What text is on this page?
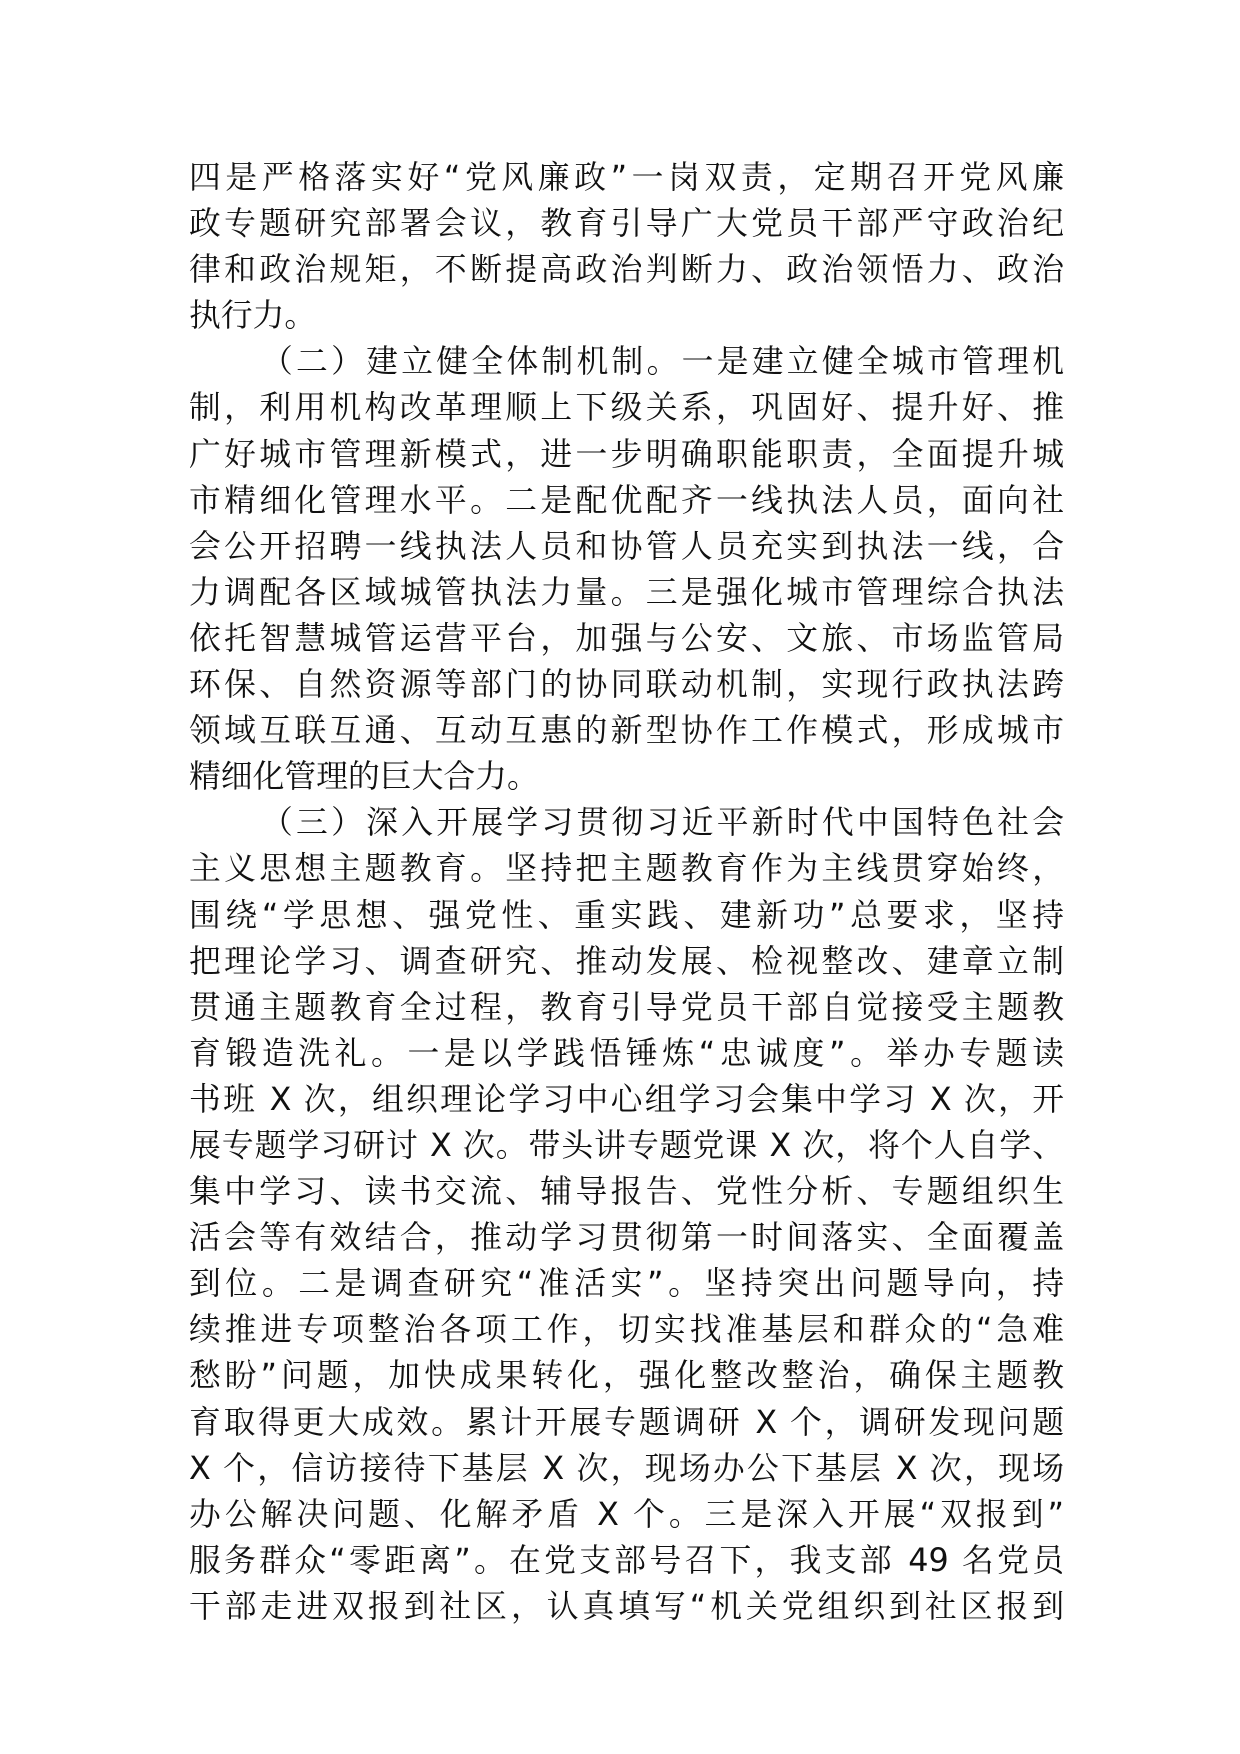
四是严格落实好“党风廉政”一岗双责，定期召开党风廉
政专题研究部署会议，教育引导广大党员干部严守政治纪
律和政治规矩，不断提高政治判断力、政治领悟力、政治
执行力。
（二）建立健全体制机制。一是建立健全城市管理机
制，利用机构改革理顺上下级关系，巩固好、提升好、推
广好城市管理新模式，进一步明确职能职责，全面提升城
市精细化管理水平。二是配优配齐一线执法人员，面向社
会公开招聘一线执法人员和协管人员充实到执法一线，合
力调配各区域城管执法力量。三是强化城市管理综合执法
依托智慧城管运营平台，加强与公安、文旅、市场监管局
环保、自然资源等部门的协同联动机制，实现行政执法跨
领域互联互通、互动互惠的新型协作工作模式，形成城市
精细化管理的巨大合力。
（三）深入开展学习贯彻习近平新时代中国特色社会
主义思想主题教育。坚持把主题教育作为主线贯穿始终，
围绕“学思想、强党性、重实践、建新功”总要求，坚持
把理论学习、调查研究、推动发展、检视整改、建章立制
贯通主题教育全过程，教育引导党员干部自觉接受主题教
育锻造洗礼。一是以学践悟锤炼“忠诚度”。举办专题读
书班 X 次，组织理论学习中心组学习会集中学习 X 次，开
展专题学习研讨 X 次。带头讲专题党课 X 次，将个人自学、
集中学习、读书交流、辅导报告、党性分析、专题组织生
活会等有效结合，推动学习贯彻第一时间落实、全面覆盖
到位。二是调查研究“准活实”。坚持突出问题导向，持
续推进专项整治各项工作，切实找准基层和群众的“急难
愁盼”问题，加快成果转化，强化整改整治，确保主题教
育取得更大成效。累计开展专题调研 X 个，调研发现问题
X 个，信访接待下基层 X 次，现场办公下基层 X 次，现场
办公解决问题、化解矛盾 X 个。三是深入开展“双报到”
服务群众“零距离”。在党支部号召下，我支部 49 名党员
干部走进双报到社区，认真填写“机关党组织到社区报到
